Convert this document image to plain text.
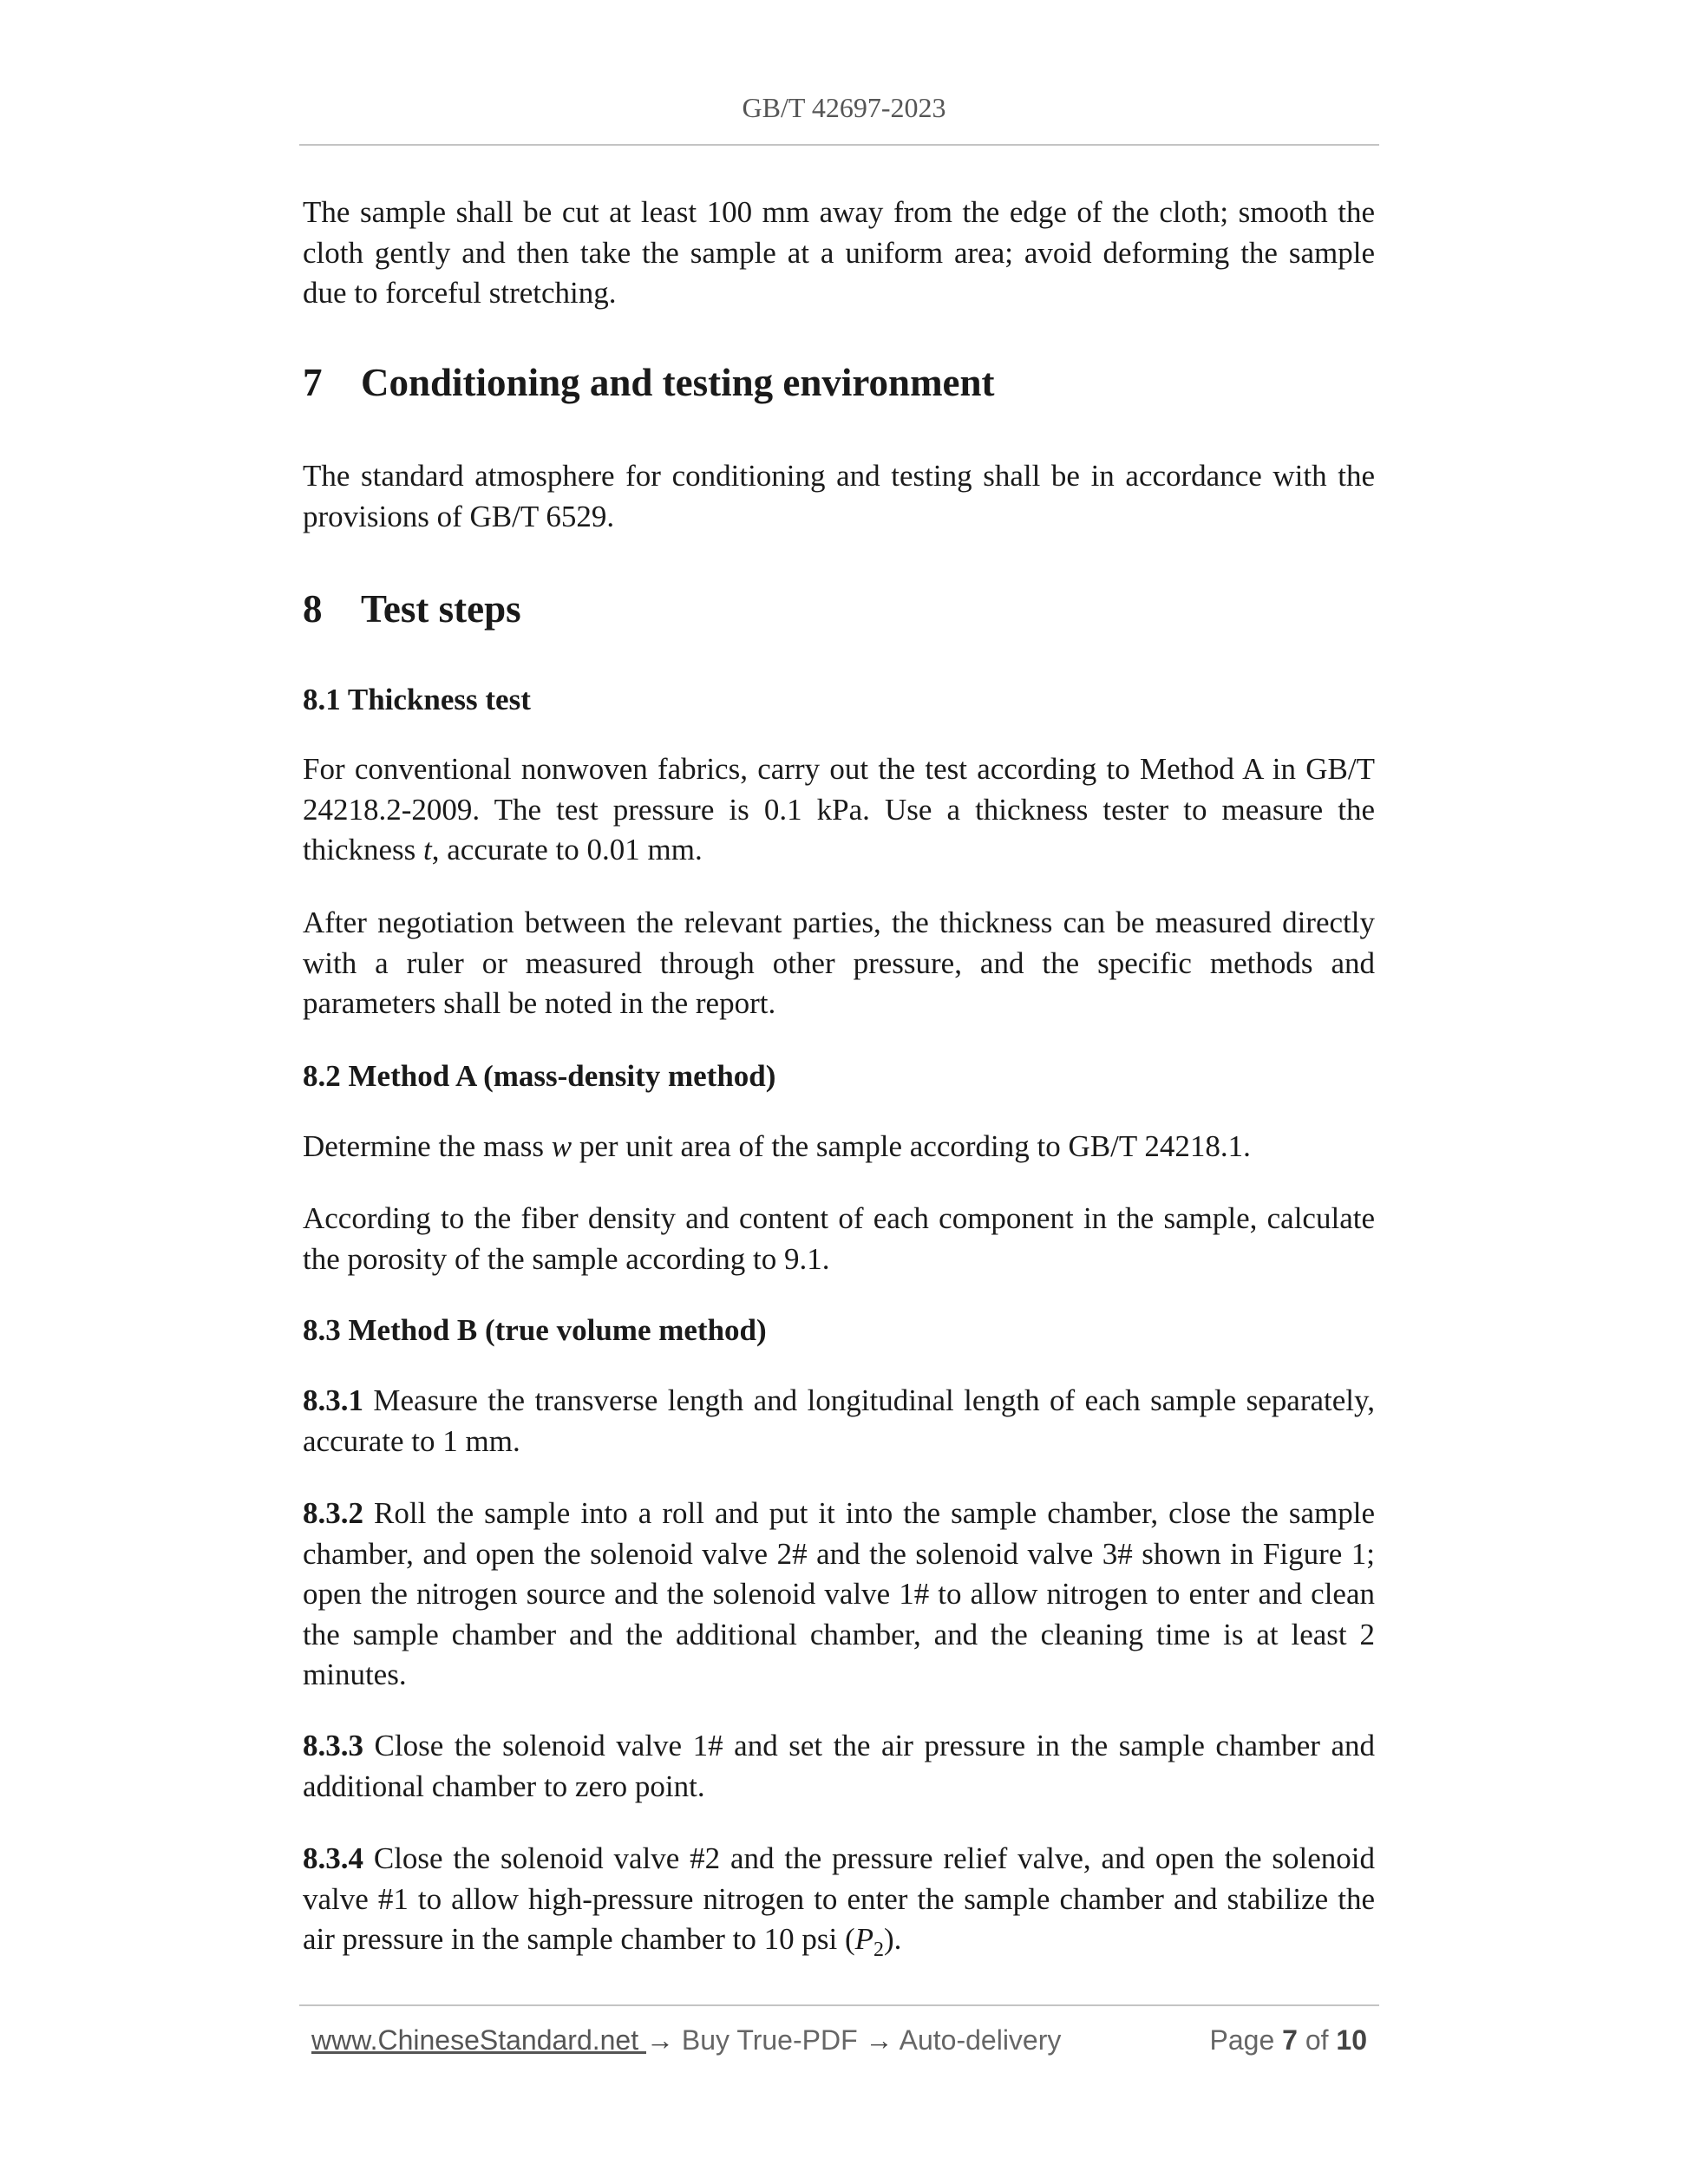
GB/T 42697-2023
The sample shall be cut at least 100 mm away from the edge of the cloth; smooth the cloth gently and then take the sample at a uniform area; avoid deforming the sample due to forceful stretching.
7 Conditioning and testing environment
The standard atmosphere for conditioning and testing shall be in accordance with the provisions of GB/T 6529.
8 Test steps
8.1 Thickness test
For conventional nonwoven fabrics, carry out the test according to Method A in GB/T 24218.2-2009. The test pressure is 0.1 kPa. Use a thickness tester to measure the thickness t, accurate to 0.01 mm.
After negotiation between the relevant parties, the thickness can be measured directly with a ruler or measured through other pressure, and the specific methods and parameters shall be noted in the report.
8.2 Method A (mass-density method)
Determine the mass w per unit area of the sample according to GB/T 24218.1.
According to the fiber density and content of each component in the sample, calculate the porosity of the sample according to 9.1.
8.3 Method B (true volume method)
8.3.1 Measure the transverse length and longitudinal length of each sample separately, accurate to 1 mm.
8.3.2 Roll the sample into a roll and put it into the sample chamber, close the sample chamber, and open the solenoid valve 2# and the solenoid valve 3# shown in Figure 1; open the nitrogen source and the solenoid valve 1# to allow nitrogen to enter and clean the sample chamber and the additional chamber, and the cleaning time is at least 2 minutes.
8.3.3 Close the solenoid valve 1# and set the air pressure in the sample chamber and additional chamber to zero point.
8.3.4 Close the solenoid valve #2 and the pressure relief valve, and open the solenoid valve #1 to allow high-pressure nitrogen to enter the sample chamber and stabilize the air pressure in the sample chamber to 10 psi $(P_2)$.
www.ChineseStandard.net → Buy True-PDF → Auto-delivery	Page 7 of 10
